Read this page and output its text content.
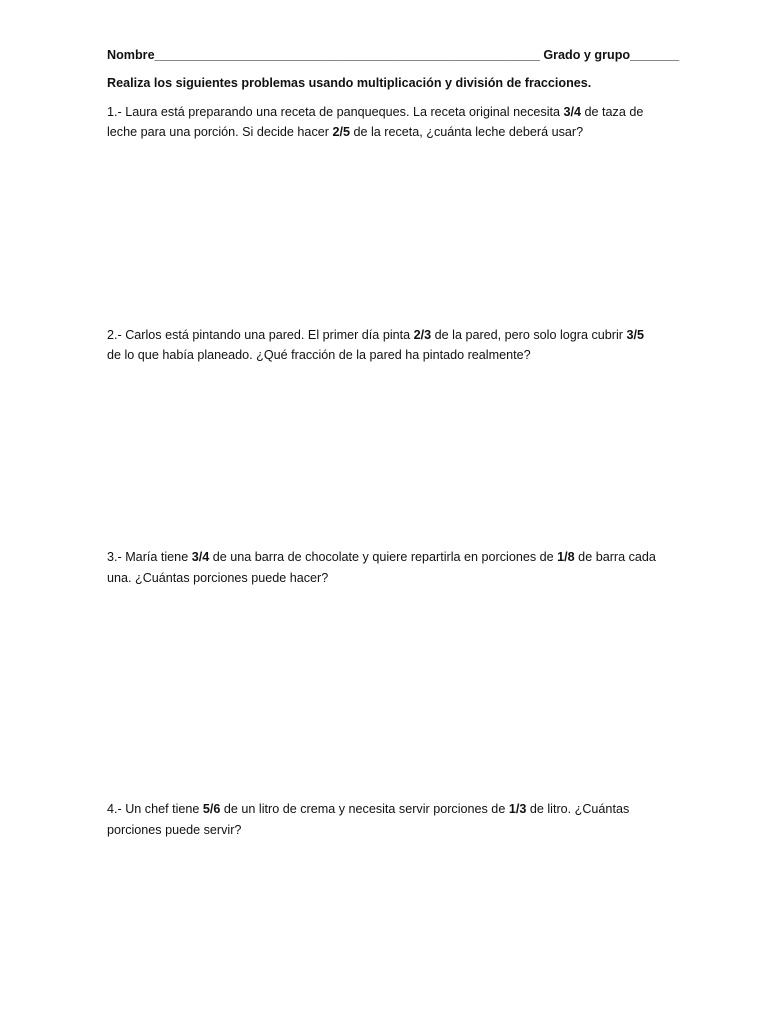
Nombre_______________________________________________________ Grado y grupo_______
Realiza los siguientes problemas usando multiplicación y división de fracciones.
1.- Laura está preparando una receta de panqueques. La receta original necesita 3/4 de taza de
leche para una porción. Si decide hacer 2/5 de la receta, ¿cuánta leche deberá usar?
2.- Carlos está pintando una pared. El primer día pinta 2/3 de la pared, pero solo logra cubrir 3/5
de lo que había planeado. ¿Qué fracción de la pared ha pintado realmente?
3.- María tiene 3/4 de una barra de chocolate y quiere repartirla en porciones de 1/8 de barra cada
una. ¿Cuántas porciones puede hacer?
4.- Un chef tiene 5/6 de un litro de crema y necesita servir porciones de 1/3 de litro. ¿Cuántas
porciones puede servir?
